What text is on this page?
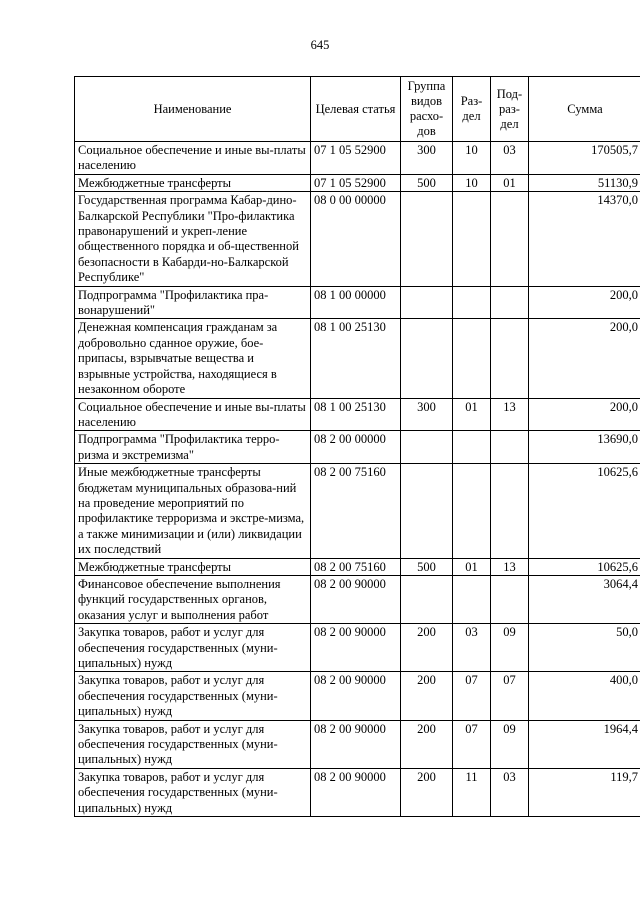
645
Наименование	Целевая статья	Группа видов расхо-дов	Раз-дел	Под-раз-дел	Сумма
Социальное обеспечение и иные вы-платы населению	07 1 05 52900	300	10	03	170505,7
Межбюджетные трансферты	07 1 05 52900	500	10	01	51130,9
Государственная программа Кабар-дино-Балкарской Республики "Про-филактика правонарушений и укреп-ление общественного порядка и об-щественной безопасности в Кабарди-но-Балкарской Республике"	08 0 00 00000				14370,0
Подпрограмма "Профилактика пра-вонарушений"	08 1 00 00000				200,0
Денежная компенсация гражданам за добровольно сданное оружие, бое-припасы, взрывчатые вещества и взрывные устройства, находящиеся в незаконном обороте	08 1 00 25130				200,0
Социальное обеспечение и иные вы-платы населению	08 1 00 25130	300	01	13	200,0
Подпрограмма "Профилактика терро-ризма и экстремизма"	08 2 00 00000				13690,0
Иные межбюджетные трансферты бюджетам муниципальных образова-ний на проведение мероприятий по профилактике терроризма и экстре-мизма, а также минимизации и (или) ликвидации их последствий	08 2 00 75160				10625,6
Межбюджетные трансферты	08 2 00 75160	500	01	13	10625,6
Финансовое обеспечение выполнения функций государственных органов, оказания услуг и выполнения работ	08 2 00 90000				3064,4
Закупка товаров, работ и услуг для обеспечения государственных (муни-ципальных) нужд	08 2 00 90000	200	03	09	50,0
Закупка товаров, работ и услуг для обеспечения государственных (муни-ципальных) нужд	08 2 00 90000	200	07	07	400,0
Закупка товаров, работ и услуг для обеспечения государственных (муни-ципальных) нужд	08 2 00 90000	200	07	09	1964,4
Закупка товаров, работ и услуг для обеспечения государственных (муни-ципальных) нужд	08 2 00 90000	200	11	03	119,7
